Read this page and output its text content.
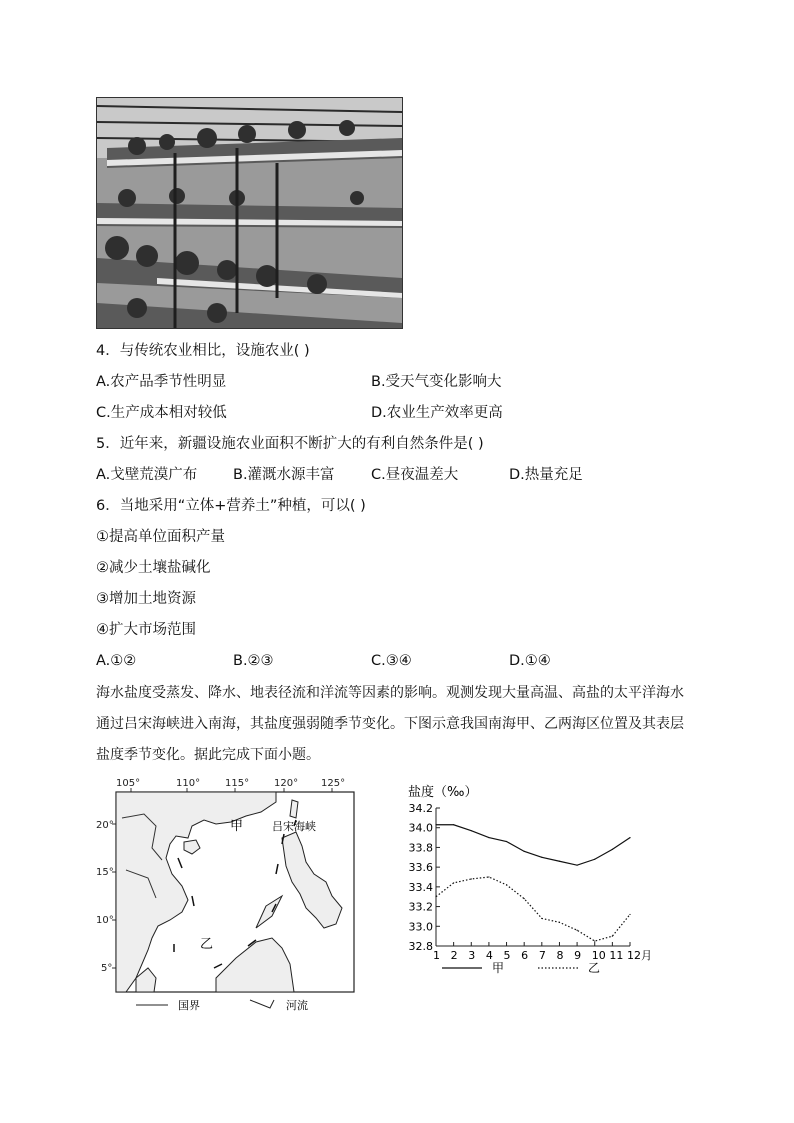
4．与传统农业相比，设施农业( )
A.农产品季节性明显	B.受天气变化影响大
C.生产成本相对较低	D.农业生产效率更高
5．近年来，新疆设施农业面积不断扩大的有利自然条件是( )
A.戈壁荒漠广布 B.灌溉水源丰富	C.昼夜温差大	D.热量充足
6．当地采用“立体+营养土”种植，可以( )
①提高单位面积产量
②减少土壤盐碱化
③增加土地资源
④扩大市场范围
A.①②	B.②③	C.③④	D.①④
海水盐度受蒸发、降水、地表径流和洋流等因素的影响。观测发现大量高温、高盐的太平洋海水通过吕宋海峡进入南海，其盐度强弱随季节变化。下图示意我国南海甲、乙两海区位置及其表层盐度季节变化。据此完成下面小题。
105°	110° 115° 120° 125°
20°
15°
10°
5°
甲
乙
吕宋海峡
国界	河流
盐度（‰）
34.2
34.0
33.8
33.6
33.4
33.2
33.0
32.8
1 2 3 4 5 6 7 8 9 10 11 12月
甲	乙
